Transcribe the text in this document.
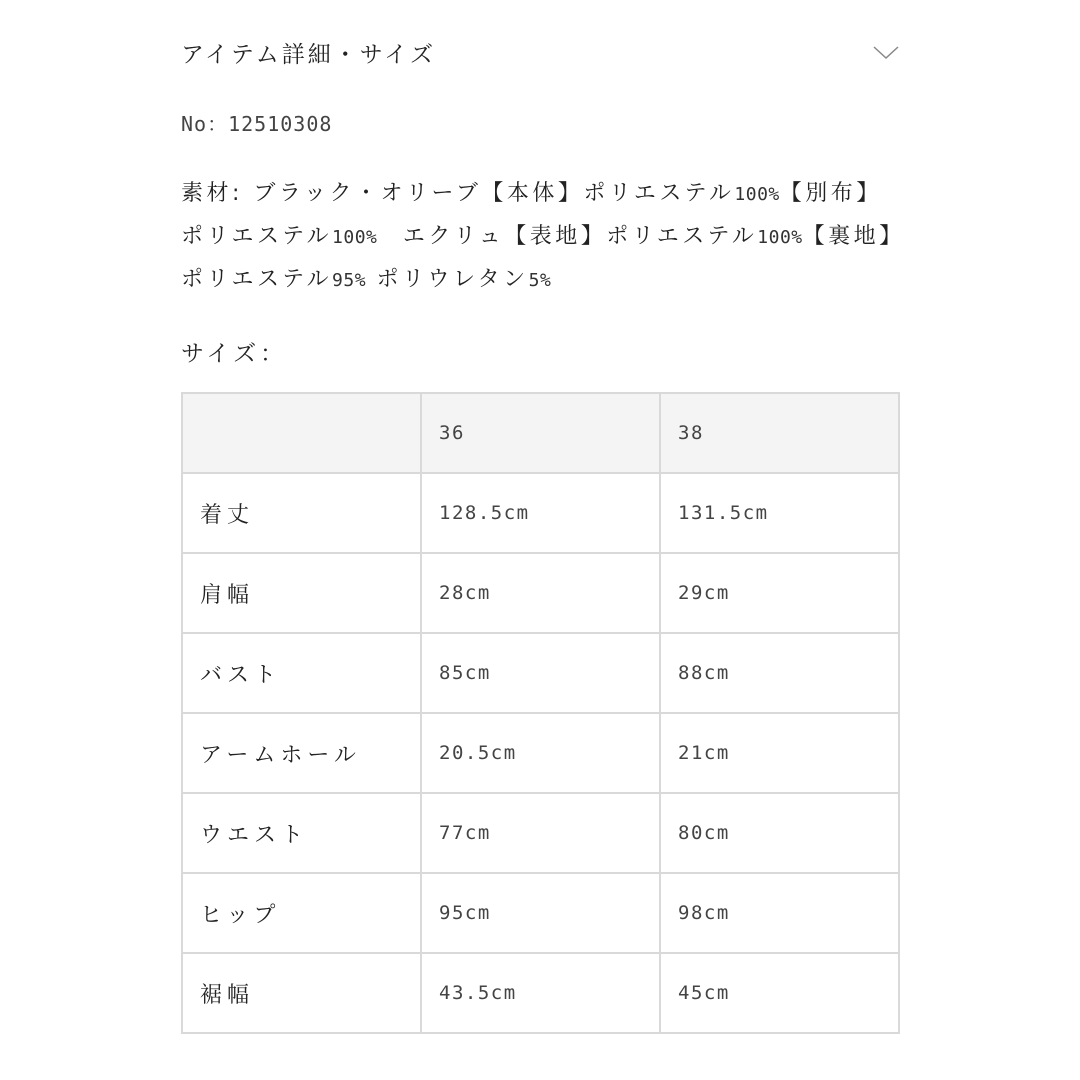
アイテム詳細・サイズ
No：12510308
素材: ブラック・オリーブ【本体】ポリエステル100%【別布】ポリエステル100%　エクリュ【表地】ポリエステル100%【裏地】ポリエステル95% ポリウレタン5%
サイズ：
	36	38
着丈	128.5cm	131.5cm
肩幅	28cm	29cm
バスト	85cm	88cm
アームホール	20.5cm	21cm
ウエスト	77cm	80cm
ヒップ	95cm	98cm
裾幅	43.5cm	45cm
